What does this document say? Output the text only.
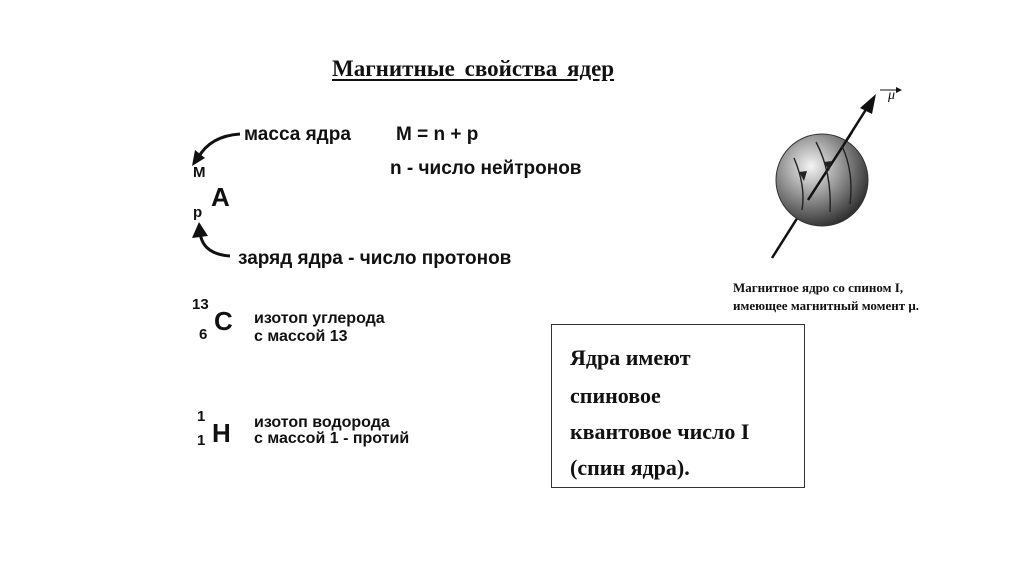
Магнитные свойства ядер
масса ядра M = n + p
n - число нейтронов
M
A
p
заряд ядра - число протонов
13
6 C изотоп углерода
с массой 13
1
1 H изотоп водорода
с массой 1 - протий
μ
Магнитное ядро со спином I,
имеющее магнитный момент μ.
Ядра имеют
спиновое
квантовое число I
(спин ядра).
